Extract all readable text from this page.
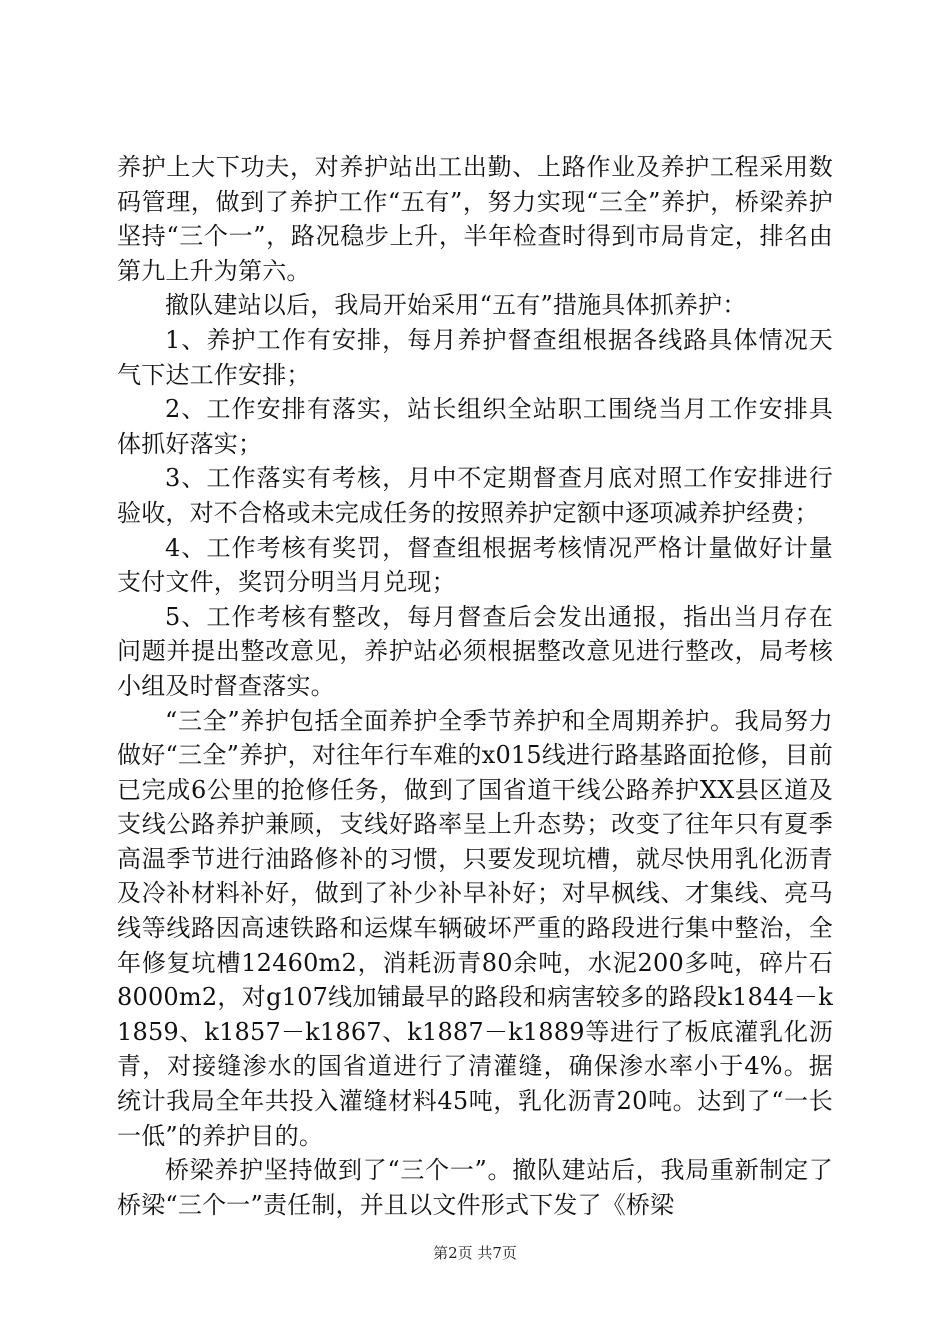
养护上大下功夫，对养护站出工出勤、上路作业及养护工程采用数码管理，做到了养护工作“五有”，努力实现“三全”养护，桥梁养护坚持“三个一”，路况稳步上升，半年检查时得到市局肯定，排名由第九上升为第六。

撤队建站以后，我局开始采用“五有”措施具体抓养护：

1、养护工作有安排，每月养护督查组根据各线路具体情况天气下达工作安排；

2、工作安排有落实，站长组织全站职工围绕当月工作安排具体抓好落实；

3、工作落实有考核，月中不定期督查月底对照工作安排进行验收，对不合格或未完成任务的按照养护定额中逐项减养护经费；

4、工作考核有奖罚，督查组根据考核情况严格计量做好计量支付文件，奖罚分明当月兑现；

5、工作考核有整改，每月督查后会发出通报，指出当月存在问题并提出整改意见，养护站必须根据整改意见进行整改，局考核小组及时督查落实。

“三全”养护包括全面养护全季节养护和全周期养护。我局努力做好“三全”养护，对往年行车难的x015线进行路基路面抢修，目前已完成6公里的抢修任务，做到了国省道干线公路养护XX县区道及支线公路养护兼顾，支线好路率呈上升态势；改变了往年只有夏季高温季节进行油路修补的习惯，只要发现坑槽，就尽快用乳化沥青及冷补材料补好，做到了补少补早补好；对早枫线、才集线、亮马线等线路因高速铁路和运煤车辆破坏严重的路段进行集中整治，全年修复坑槽12460m2，消耗沥青80余吨，水泥200多吨，碎片石8000m2，对g107线加铺最早的路段和病害较多的路段k1844－k1859、k1857－k1867、k1887－k1889等进行了板底灌乳化沥青，对接缝渗水的国省道进行了清灌缝，确保渗水率小于4%。据统计我局全年共投入灌缝材料45吨，乳化沥青20吨。达到了“一长一低”的养护目的。

桥梁养护坚持做到了“三个一”。撤队建站后，我局重新制定了桥梁“三个一”责任制，并且以文件形式下发了《桥梁

第2页 共7页
